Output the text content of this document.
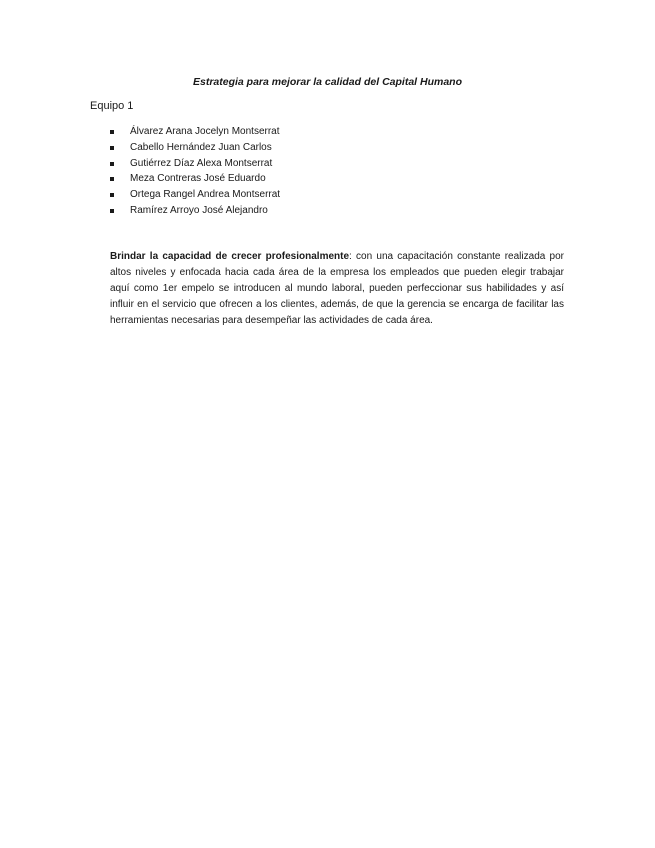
Estrategia para mejorar la calidad del Capital Humano
Equipo 1
Álvarez Arana Jocelyn Montserrat
Cabello Hernández Juan Carlos
Gutiérrez Díaz Alexa Montserrat
Meza Contreras José Eduardo
Ortega Rangel Andrea Montserrat
Ramírez Arroyo José Alejandro

Brindar la capacidad de crecer profesionalmente: con una capacitación constante realizada por altos niveles y enfocada hacia cada área de la empresa los empleados que pueden elegir trabajar aquí como 1er empelo se introducen al mundo laboral, pueden perfeccionar sus habilidades y así influir en el servicio que ofrecen a los clientes, además, de que la gerencia se encarga de facilitar las herramientas necesarias para desempeñar las actividades de cada área.
